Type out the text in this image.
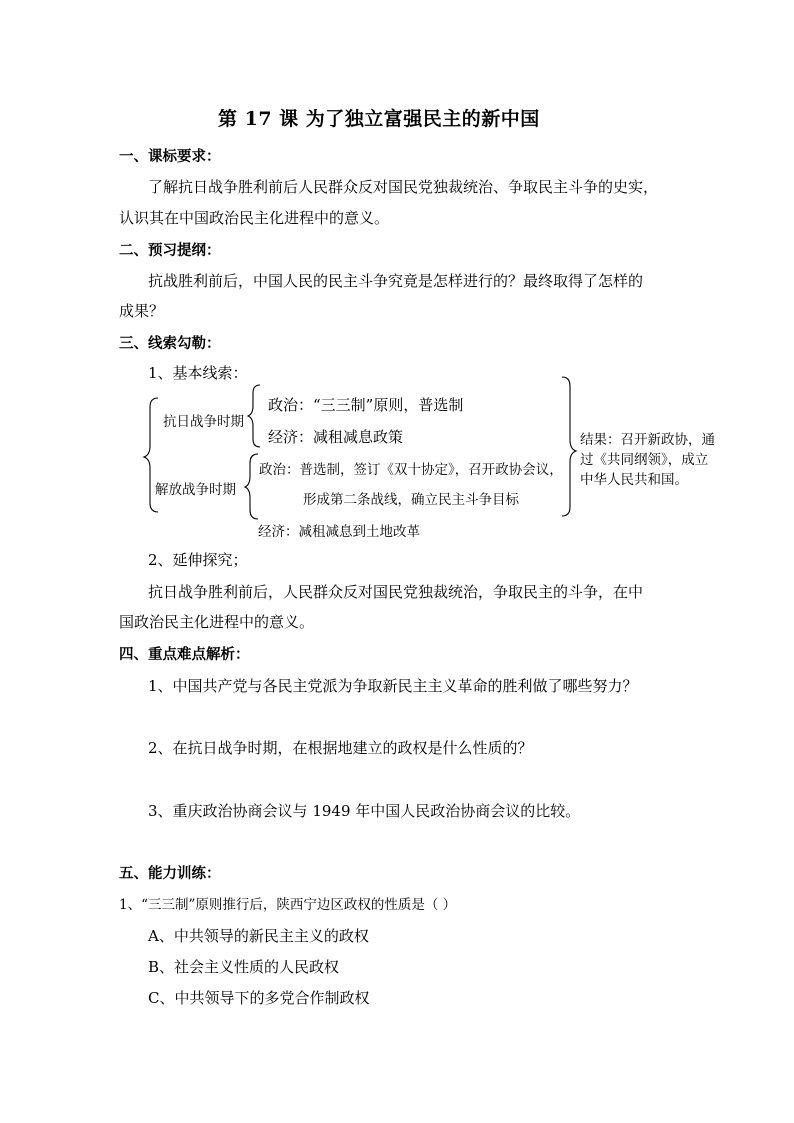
第 17 课 为了独立富强民主的新中国
一、课标要求：
了解抗日战争胜利前后人民群众反对国民党独裁统治、争取民主斗争的史实，
认识其在中国政治民主化进程中的意义。
二、预习提纲：
抗战胜利前后，中国人民的民主斗争究竟是怎样进行的？最终取得了怎样的
成果？
三、线索勾勒：
1、基本线索：
抗日战争时期
政治：“三三制”原则，普选制
经济：减租减息政策
解放战争时期
政治：普选制，签订《双十协定》，召开政协会议，
形成第二条战线，确立民主斗争目标
经济：减租减息到土地改革
结果：召开新政协，通
过《共同纲领》，成立
中华人民共和国。
2、延伸探究；
抗日战争胜利前后，人民群众反对国民党独裁统治，争取民主的斗争，在中
国政治民主化进程中的意义。
四、重点难点解析：
1、中国共产党与各民主党派为争取新民主主义革命的胜利做了哪些努力？
2、在抗日战争时期，在根据地建立的政权是什么性质的？
3、重庆政治协商会议与 1949 年中国人民政治协商会议的比较。
五、能力训练：
1、“三三制”原则推行后，陕西宁边区政权的性质是（ ）
A、中共领导的新民主主义的政权
B、社会主义性质的人民政权
C、中共领导下的多党合作制政权
